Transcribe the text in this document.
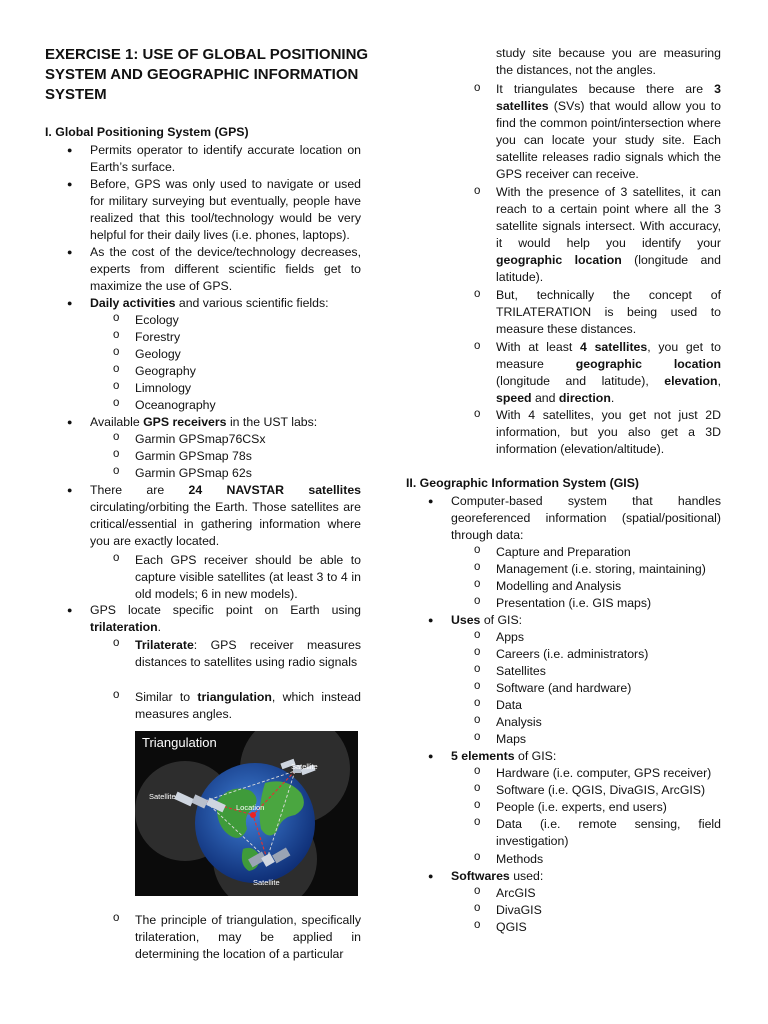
EXERCISE 1: USE OF GLOBAL POSITIONING SYSTEM AND GEOGRAPHIC INFORMATION SYSTEM
I. Global Positioning System (GPS)
● Permits operator to identify accurate location on Earth’s surface.

● Before, GPS was only used to navigate or used for military surveying but eventually, people have realized that this tool/technology would be very helpful for their daily lives (i.e. phones, laptops).

● As the cost of the device/technology decreases, experts from different scientific fields get to maximize the use of GPS.

● Daily activities and various scientific fields:

o Ecology

o Forestry

o Geology

o Geography

o Limnology

o Oceanography

● Available GPS receivers in the UST labs:

o Garmin GPSmap76CSx

o Garmin GPSmap 78s

o Garmin GPSmap 62s

● There are 24 NAVSTAR satellites circulating/orbiting the Earth. Those satellites are critical/essential in gathering information where you are exactly located.

o Each GPS receiver should be able to capture visible satellites (at least 3 to 4 in old models; 6 in new models).

● GPS locate specific point on Earth using trilateration.

o Trilaterate: GPS receiver measures distances to satellites using radio signals

o Similar to triangulation, which instead measures angles.

Triangulation
Satellite
Satellite
Location
Satellite
o The principle of triangulation, specifically trilateration, may be applied in determining the location of a particular

study site because you are measuring the distances, not the angles.

o It triangulates because there are 3 satellites (SVs) that would allow you to find the common point/intersection where you can locate your study site. Each satellite releases radio signals which the GPS receiver can receive.

o With the presence of 3 satellites, it can reach to a certain point where all the 3 satellite signals intersect. With accuracy, it would help you identify your geographic location (longitude and latitude).

o But, technically the concept of TRILATERATION is being used to measure these distances.

o With at least 4 satellites, you get to measure geographic location (longitude and latitude), elevation, speed and direction.

o With 4 satellites, you get not just 2D information, but you also get a 3D information (elevation/altitude).

II. Geographic Information System (GIS)
● Computer-based system that handles georeferenced information (spatial/positional) through data:

o Capture and Preparation

o Management (i.e. storing, maintaining)

o Modelling and Analysis

o Presentation (i.e. GIS maps)

● Uses of GIS:

o Apps

o Careers (i.e. administrators)

o Satellites

o Software (and hardware)

o Data

o Analysis

o Maps

● 5 elements of GIS:

o Hardware (i.e. computer, GPS receiver)

o Software (i.e. QGIS, DivaGIS, ArcGIS)

o People (i.e. experts, end users)

o Data (i.e. remote sensing, field investigation)

o Methods

● Softwares used:

o ArcGIS

o DivaGIS

o QGIS
